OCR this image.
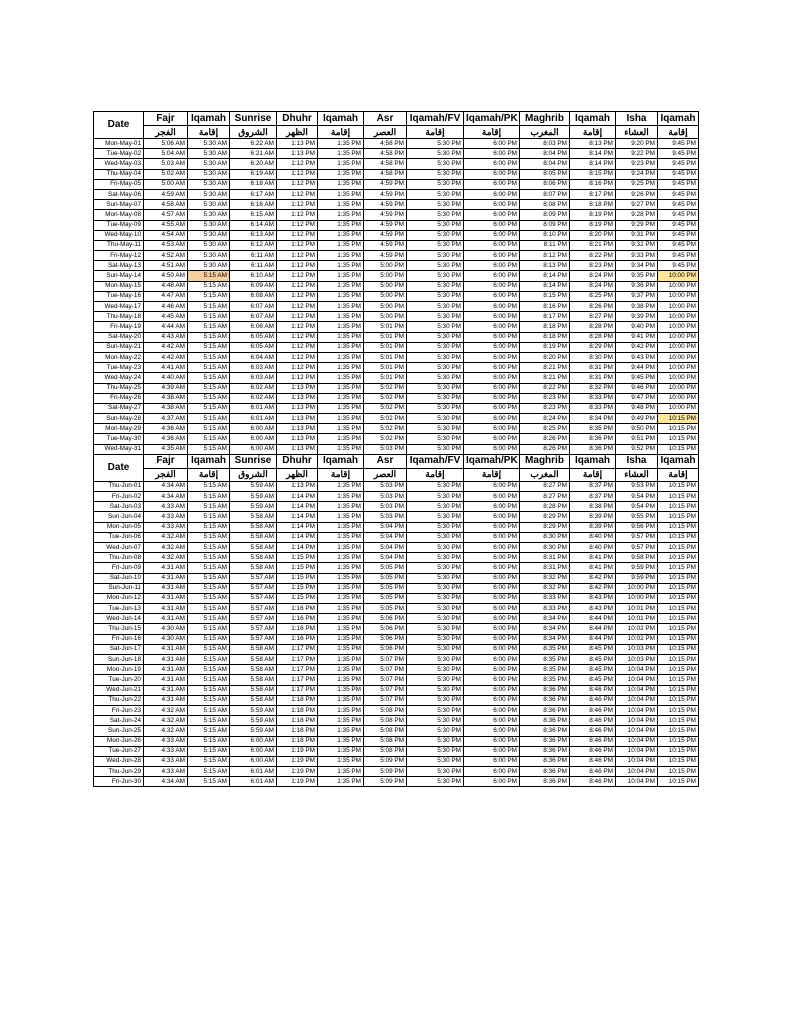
Date	Fajr	Iqamah	Sunrise	Dhuhr	Iqamah	Asr	Iqamah/FV	Iqamah/PK	Maghrib	Iqamah	Isha	Iqamah
	الفجر	إقامة	الشروق	الظهر	إقامة	العصر	إقامة	إقامة	المغرب	إقامة	العشاء	إقامة
Mon-May-01	5:06 AM	5:30 AM	6:22 AM	1:13 PM	1:35 PM	4:58 PM	5:30 PM	6:00 PM	8:03 PM	8:13 PM	9:20 PM	9:45 PM
Tue-May-02	5:04 AM	5:30 AM	6:21 AM	1:13 PM	1:35 PM	4:58 PM	5:30 PM	6:00 PM	8:04 PM	8:14 PM	9:22 PM	9:45 PM
Wed-May-03	5:03 AM	5:30 AM	6:20 AM	1:12 PM	1:35 PM	4:58 PM	5:30 PM	6:00 PM	8:04 PM	8:14 PM	9:23 PM	9:45 PM
Thu-May-04	5:02 AM	5:30 AM	6:19 AM	1:12 PM	1:35 PM	4:58 PM	5:30 PM	6:00 PM	8:05 PM	8:15 PM	9:24 PM	9:45 PM
Fri-May-05	5:00 AM	5:30 AM	6:18 AM	1:12 PM	1:35 PM	4:59 PM	5:30 PM	6:00 PM	8:06 PM	8:16 PM	9:25 PM	9:45 PM
Sat-May-06	4:59 AM	5:30 AM	6:17 AM	1:12 PM	1:35 PM	4:59 PM	5:30 PM	6:00 PM	8:07 PM	8:17 PM	9:26 PM	9:45 PM
Sun-May-07	4:58 AM	5:30 AM	6:16 AM	1:12 PM	1:35 PM	4:59 PM	5:30 PM	6:00 PM	8:08 PM	8:18 PM	9:27 PM	9:45 PM
Mon-May-08	4:57 AM	5:30 AM	6:15 AM	1:12 PM	1:35 PM	4:59 PM	5:30 PM	6:00 PM	8:09 PM	8:19 PM	9:28 PM	9:45 PM
Tue-May-09	4:55 AM	5:30 AM	6:14 AM	1:12 PM	1:35 PM	4:59 PM	5:30 PM	6:00 PM	8:09 PM	8:19 PM	9:29 PM	9:45 PM
Wed-May-10	4:54 AM	5:30 AM	6:13 AM	1:12 PM	1:35 PM	4:59 PM	5:30 PM	6:00 PM	8:10 PM	8:20 PM	9:31 PM	9:45 PM
Thu-May-11	4:53 AM	5:30 AM	6:12 AM	1:12 PM	1:35 PM	4:59 PM	5:30 PM	6:00 PM	8:11 PM	8:21 PM	9:32 PM	9:45 PM
Fri-May-12	4:52 AM	5:30 AM	6:11 AM	1:12 PM	1:35 PM	4:59 PM	5:30 PM	6:00 PM	8:12 PM	8:22 PM	9:33 PM	9:45 PM
Sat-May-13	4:51 AM	5:30 AM	6:11 AM	1:12 PM	1:35 PM	5:00 PM	5:30 PM	6:00 PM	8:13 PM	8:23 PM	9:34 PM	9:45 PM
Sun-May-14	4:50 AM	5:15 AM	6:10 AM	1:12 PM	1:35 PM	5:00 PM	5:30 PM	6:00 PM	8:14 PM	8:24 PM	9:35 PM	10:00 PM
Mon-May-15	4:48 AM	5:15 AM	6:09 AM	1:12 PM	1:35 PM	5:00 PM	5:30 PM	6:00 PM	8:14 PM	8:24 PM	9:36 PM	10:00 PM
Tue-May-16	4:47 AM	5:15 AM	6:08 AM	1:12 PM	1:35 PM	5:00 PM	5:30 PM	6:00 PM	8:15 PM	8:25 PM	9:37 PM	10:00 PM
Wed-May-17	4:46 AM	5:15 AM	6:07 AM	1:12 PM	1:35 PM	5:00 PM	5:30 PM	6:00 PM	8:16 PM	8:26 PM	9:38 PM	10:00 PM
Thu-May-18	4:45 AM	5:15 AM	6:07 AM	1:12 PM	1:35 PM	5:00 PM	5:30 PM	6:00 PM	8:17 PM	8:27 PM	9:39 PM	10:00 PM
Fri-May-19	4:44 AM	5:15 AM	6:06 AM	1:12 PM	1:35 PM	5:01 PM	5:30 PM	6:00 PM	8:18 PM	8:28 PM	9:40 PM	10:00 PM
Sat-May-20	4:43 AM	5:15 AM	6:05 AM	1:12 PM	1:35 PM	5:01 PM	5:30 PM	6:00 PM	8:18 PM	8:28 PM	9:41 PM	10:00 PM
Sun-May-21	4:42 AM	5:15 AM	6:05 AM	1:12 PM	1:35 PM	5:01 PM	5:30 PM	6:00 PM	8:19 PM	8:29 PM	9:42 PM	10:00 PM
Mon-May-22	4:42 AM	5:15 AM	6:04 AM	1:12 PM	1:35 PM	5:01 PM	5:30 PM	6:00 PM	8:20 PM	8:30 PM	9:43 PM	10:00 PM
Tue-May-23	4:41 AM	5:15 AM	6:03 AM	1:12 PM	1:35 PM	5:01 PM	5:30 PM	6:00 PM	8:21 PM	8:31 PM	9:44 PM	10:00 PM
Wed-May-24	4:40 AM	5:15 AM	6:03 AM	1:12 PM	1:35 PM	5:01 PM	5:30 PM	6:00 PM	8:21 PM	8:31 PM	9:45 PM	10:00 PM
Thu-May-25	4:39 AM	5:15 AM	6:02 AM	1:13 PM	1:35 PM	5:02 PM	5:30 PM	6:00 PM	8:22 PM	8:32 PM	9:46 PM	10:00 PM
Fri-May-26	4:38 AM	5:15 AM	6:02 AM	1:13 PM	1:35 PM	5:02 PM	5:30 PM	6:00 PM	8:23 PM	8:33 PM	9:47 PM	10:00 PM
Sat-May-27	4:38 AM	5:15 AM	6:01 AM	1:13 PM	1:35 PM	5:02 PM	5:30 PM	6:00 PM	8:23 PM	8:33 PM	9:48 PM	10:00 PM
Sun-May-28	4:37 AM	5:15 AM	6:01 AM	1:13 PM	1:35 PM	5:02 PM	5:30 PM	6:00 PM	8:24 PM	8:34 PM	9:49 PM	10:15 PM
Mon-May-29	4:36 AM	5:15 AM	6:00 AM	1:13 PM	1:35 PM	5:02 PM	5:30 PM	6:00 PM	8:25 PM	8:35 PM	9:50 PM	10:15 PM
Tue-May-30	4:36 AM	5:15 AM	6:00 AM	1:13 PM	1:35 PM	5:02 PM	5:30 PM	6:00 PM	8:26 PM	8:36 PM	9:51 PM	10:15 PM
Wed-May-31	4:35 AM	5:15 AM	6:00 AM	1:13 PM	1:35 PM	5:03 PM	5:30 PM	6:00 PM	8:26 PM	8:36 PM	9:52 PM	10:15 PM
Date	Fajr	Iqamah	Sunrise	Dhuhr	Iqamah	Asr	Iqamah/FV	Iqamah/PK	Maghrib	Iqamah	Isha	Iqamah
	الفجر	إقامة	الشروق	الظهر	إقامة	العصر	إقامة	إقامة	المغرب	إقامة	العشاء	إقامة
Thu-Jun-01	4:34 AM	5:15 AM	5:59 AM	1:13 PM	1:35 PM	5:03 PM	5:30 PM	6:00 PM	8:27 PM	8:37 PM	9:53 PM	10:15 PM
Fri-Jun-02	4:34 AM	5:15 AM	5:59 AM	1:14 PM	1:35 PM	5:03 PM	5:30 PM	6:00 PM	8:27 PM	8:37 PM	9:54 PM	10:15 PM
Sat-Jun-03	4:33 AM	5:15 AM	5:59 AM	1:14 PM	1:35 PM	5:03 PM	5:30 PM	6:00 PM	8:28 PM	8:38 PM	9:54 PM	10:15 PM
Sun-Jun-04	4:33 AM	5:15 AM	5:58 AM	1:14 PM	1:35 PM	5:03 PM	5:30 PM	6:00 PM	8:29 PM	8:39 PM	9:55 PM	10:15 PM
Mon-Jun-05	4:33 AM	5:15 AM	5:58 AM	1:14 PM	1:35 PM	5:04 PM	5:30 PM	6:00 PM	8:29 PM	8:39 PM	9:56 PM	10:15 PM
Tue-Jun-06	4:32 AM	5:15 AM	5:58 AM	1:14 PM	1:35 PM	5:04 PM	5:30 PM	6:00 PM	8:30 PM	8:40 PM	9:57 PM	10:15 PM
Wed-Jun-07	4:32 AM	5:15 AM	5:58 AM	1:14 PM	1:35 PM	5:04 PM	5:30 PM	6:00 PM	8:30 PM	8:40 PM	9:57 PM	10:15 PM
Thu-Jun-08	4:32 AM	5:15 AM	5:58 AM	1:15 PM	1:35 PM	5:04 PM	5:30 PM	6:00 PM	8:31 PM	8:41 PM	9:58 PM	10:15 PM
Fri-Jun-09	4:31 AM	5:15 AM	5:58 AM	1:15 PM	1:35 PM	5:05 PM	5:30 PM	6:00 PM	8:31 PM	8:41 PM	9:59 PM	10:15 PM
Sat-Jun-10	4:31 AM	5:15 AM	5:57 AM	1:15 PM	1:35 PM	5:05 PM	5:30 PM	6:00 PM	8:32 PM	8:42 PM	9:59 PM	10:15 PM
Sun-Jun-11	4:31 AM	5:15 AM	5:57 AM	1:15 PM	1:35 PM	5:05 PM	5:30 PM	6:00 PM	8:32 PM	8:42 PM	10:00 PM	10:15 PM
Mon-Jun-12	4:31 AM	5:15 AM	5:57 AM	1:15 PM	1:35 PM	5:05 PM	5:30 PM	6:00 PM	8:33 PM	8:43 PM	10:00 PM	10:15 PM
Tue-Jun-13	4:31 AM	5:15 AM	5:57 AM	1:16 PM	1:35 PM	5:05 PM	5:30 PM	6:00 PM	8:33 PM	8:43 PM	10:01 PM	10:15 PM
Wed-Jun-14	4:31 AM	5:15 AM	5:57 AM	1:16 PM	1:35 PM	5:06 PM	5:30 PM	6:00 PM	8:34 PM	8:44 PM	10:01 PM	10:15 PM
Thu-Jun-15	4:30 AM	5:15 AM	5:57 AM	1:16 PM	1:35 PM	5:06 PM	5:30 PM	6:00 PM	8:34 PM	8:44 PM	10:02 PM	10:15 PM
Fri-Jun-16	4:30 AM	5:15 AM	5:57 AM	1:16 PM	1:35 PM	5:06 PM	5:30 PM	6:00 PM	8:34 PM	8:44 PM	10:02 PM	10:15 PM
Sat-Jun-17	4:31 AM	5:15 AM	5:58 AM	1:17 PM	1:35 PM	5:06 PM	5:30 PM	6:00 PM	8:35 PM	8:45 PM	10:03 PM	10:15 PM
Sun-Jun-18	4:31 AM	5:15 AM	5:58 AM	1:17 PM	1:35 PM	5:07 PM	5:30 PM	6:00 PM	8:35 PM	8:45 PM	10:03 PM	10:15 PM
Mon-Jun-19	4:31 AM	5:15 AM	5:58 AM	1:17 PM	1:35 PM	5:07 PM	5:30 PM	6:00 PM	8:35 PM	8:45 PM	10:04 PM	10:15 PM
Tue-Jun-20	4:31 AM	5:15 AM	5:58 AM	1:17 PM	1:35 PM	5:07 PM	5:30 PM	6:00 PM	8:35 PM	8:45 PM	10:04 PM	10:15 PM
Wed-Jun-21	4:31 AM	5:15 AM	5:58 AM	1:17 PM	1:35 PM	5:07 PM	5:30 PM	6:00 PM	8:36 PM	8:46 PM	10:04 PM	10:15 PM
Thu-Jun-22	4:31 AM	5:15 AM	5:58 AM	1:18 PM	1:35 PM	5:07 PM	5:30 PM	6:00 PM	8:36 PM	8:46 PM	10:04 PM	10:15 PM
Fri-Jun-23	4:32 AM	5:15 AM	5:59 AM	1:18 PM	1:35 PM	5:08 PM	5:30 PM	6:00 PM	8:36 PM	8:46 PM	10:04 PM	10:15 PM
Sat-Jun-24	4:32 AM	5:15 AM	5:59 AM	1:18 PM	1:35 PM	5:08 PM	5:30 PM	6:00 PM	8:36 PM	8:46 PM	10:04 PM	10:15 PM
Sun-Jun-25	4:32 AM	5:15 AM	5:59 AM	1:18 PM	1:35 PM	5:08 PM	5:30 PM	6:00 PM	8:36 PM	8:46 PM	10:04 PM	10:15 PM
Mon-Jun-26	4:33 AM	5:15 AM	6:00 AM	1:18 PM	1:35 PM	5:08 PM	5:30 PM	6:00 PM	8:36 PM	8:46 PM	10:04 PM	10:15 PM
Tue-Jun-27	4:33 AM	5:15 AM	6:00 AM	1:19 PM	1:35 PM	5:08 PM	5:30 PM	6:00 PM	8:36 PM	8:46 PM	10:04 PM	10:15 PM
Wed-Jun-28	4:33 AM	5:15 AM	6:00 AM	1:19 PM	1:35 PM	5:09 PM	5:30 PM	6:00 PM	8:36 PM	8:46 PM	10:04 PM	10:15 PM
Thu-Jun-29	4:33 AM	5:15 AM	6:01 AM	1:19 PM	1:35 PM	5:09 PM	5:30 PM	6:00 PM	8:36 PM	8:46 PM	10:04 PM	10:15 PM
Fri-Jun-30	4:34 AM	5:15 AM	6:01 AM	1:19 PM	1:35 PM	5:09 PM	5:30 PM	6:00 PM	8:36 PM	8:46 PM	10:04 PM	10:15 PM
